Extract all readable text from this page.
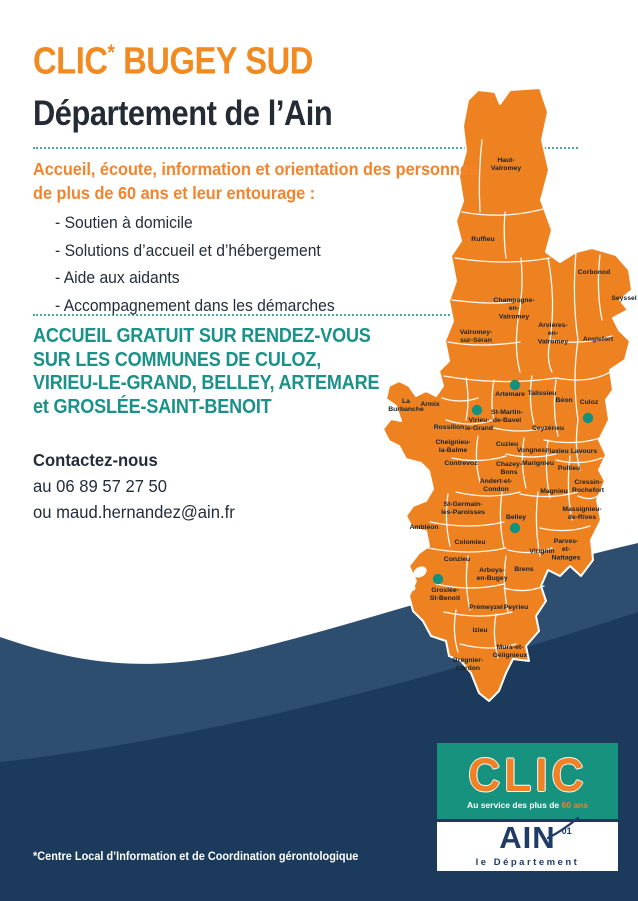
Haut-Valromey
Ruffieu
Corbonod
Seyssel
Champagne-en-Valromey
Valromey-sur-Séran
Arvières-en-Valromey Anglefort
Artemare Talissieu
Béon Culoz
La Burbanche
Armix
Rossillon
Virieu-le-Grand
St-Martin-de-Bavel
Ceyzérieu
Cheignieu-la-Balme
Cuzieu
Vongnes Flaxieu Lavours
Contrevoz	Chazey-Bons
Marignieu
Pollieu
Andert-et-Condon
Cressin-Rochefort
Magnieu
Massignieu-de-Rives
St-Germain-les-Paroisses
Belley
Ambléon
Parves-et-Nattages
Colomieu
Virignin
Conzieu
Arboys-en-Bugey
Brens
Groslée-St-Benoit
Prémeyzel Peyrieu
Izieu
Murs-et-Gélignieux
Brégnier-Cordon
CLIC* BUGEY SUD
Département de l’Ain
Accueil, écoute, information et orientation des personnes
de plus de 60 ans et leur entourage :
- Soutien à domicile
- Solutions d’accueil et d’hébergement
- Aide aux aidants
- Accompagnement dans les démarches
ACCUEIL GRATUIT SUR RENDEZ-VOUS
SUR LES COMMUNES DE CULOZ,
VIRIEU-LE-GRAND, BELLEY, ARTEMARE
et GROSLÉE-SAINT-BENOIT
Contactez-nous
au 06 89 57 27 50
ou maud.hernandez@ain.fr
CLIC
Au service des plus de 60 ans
AIN 01
le Département
*Centre Local d’Information et de Coordination gérontologique
